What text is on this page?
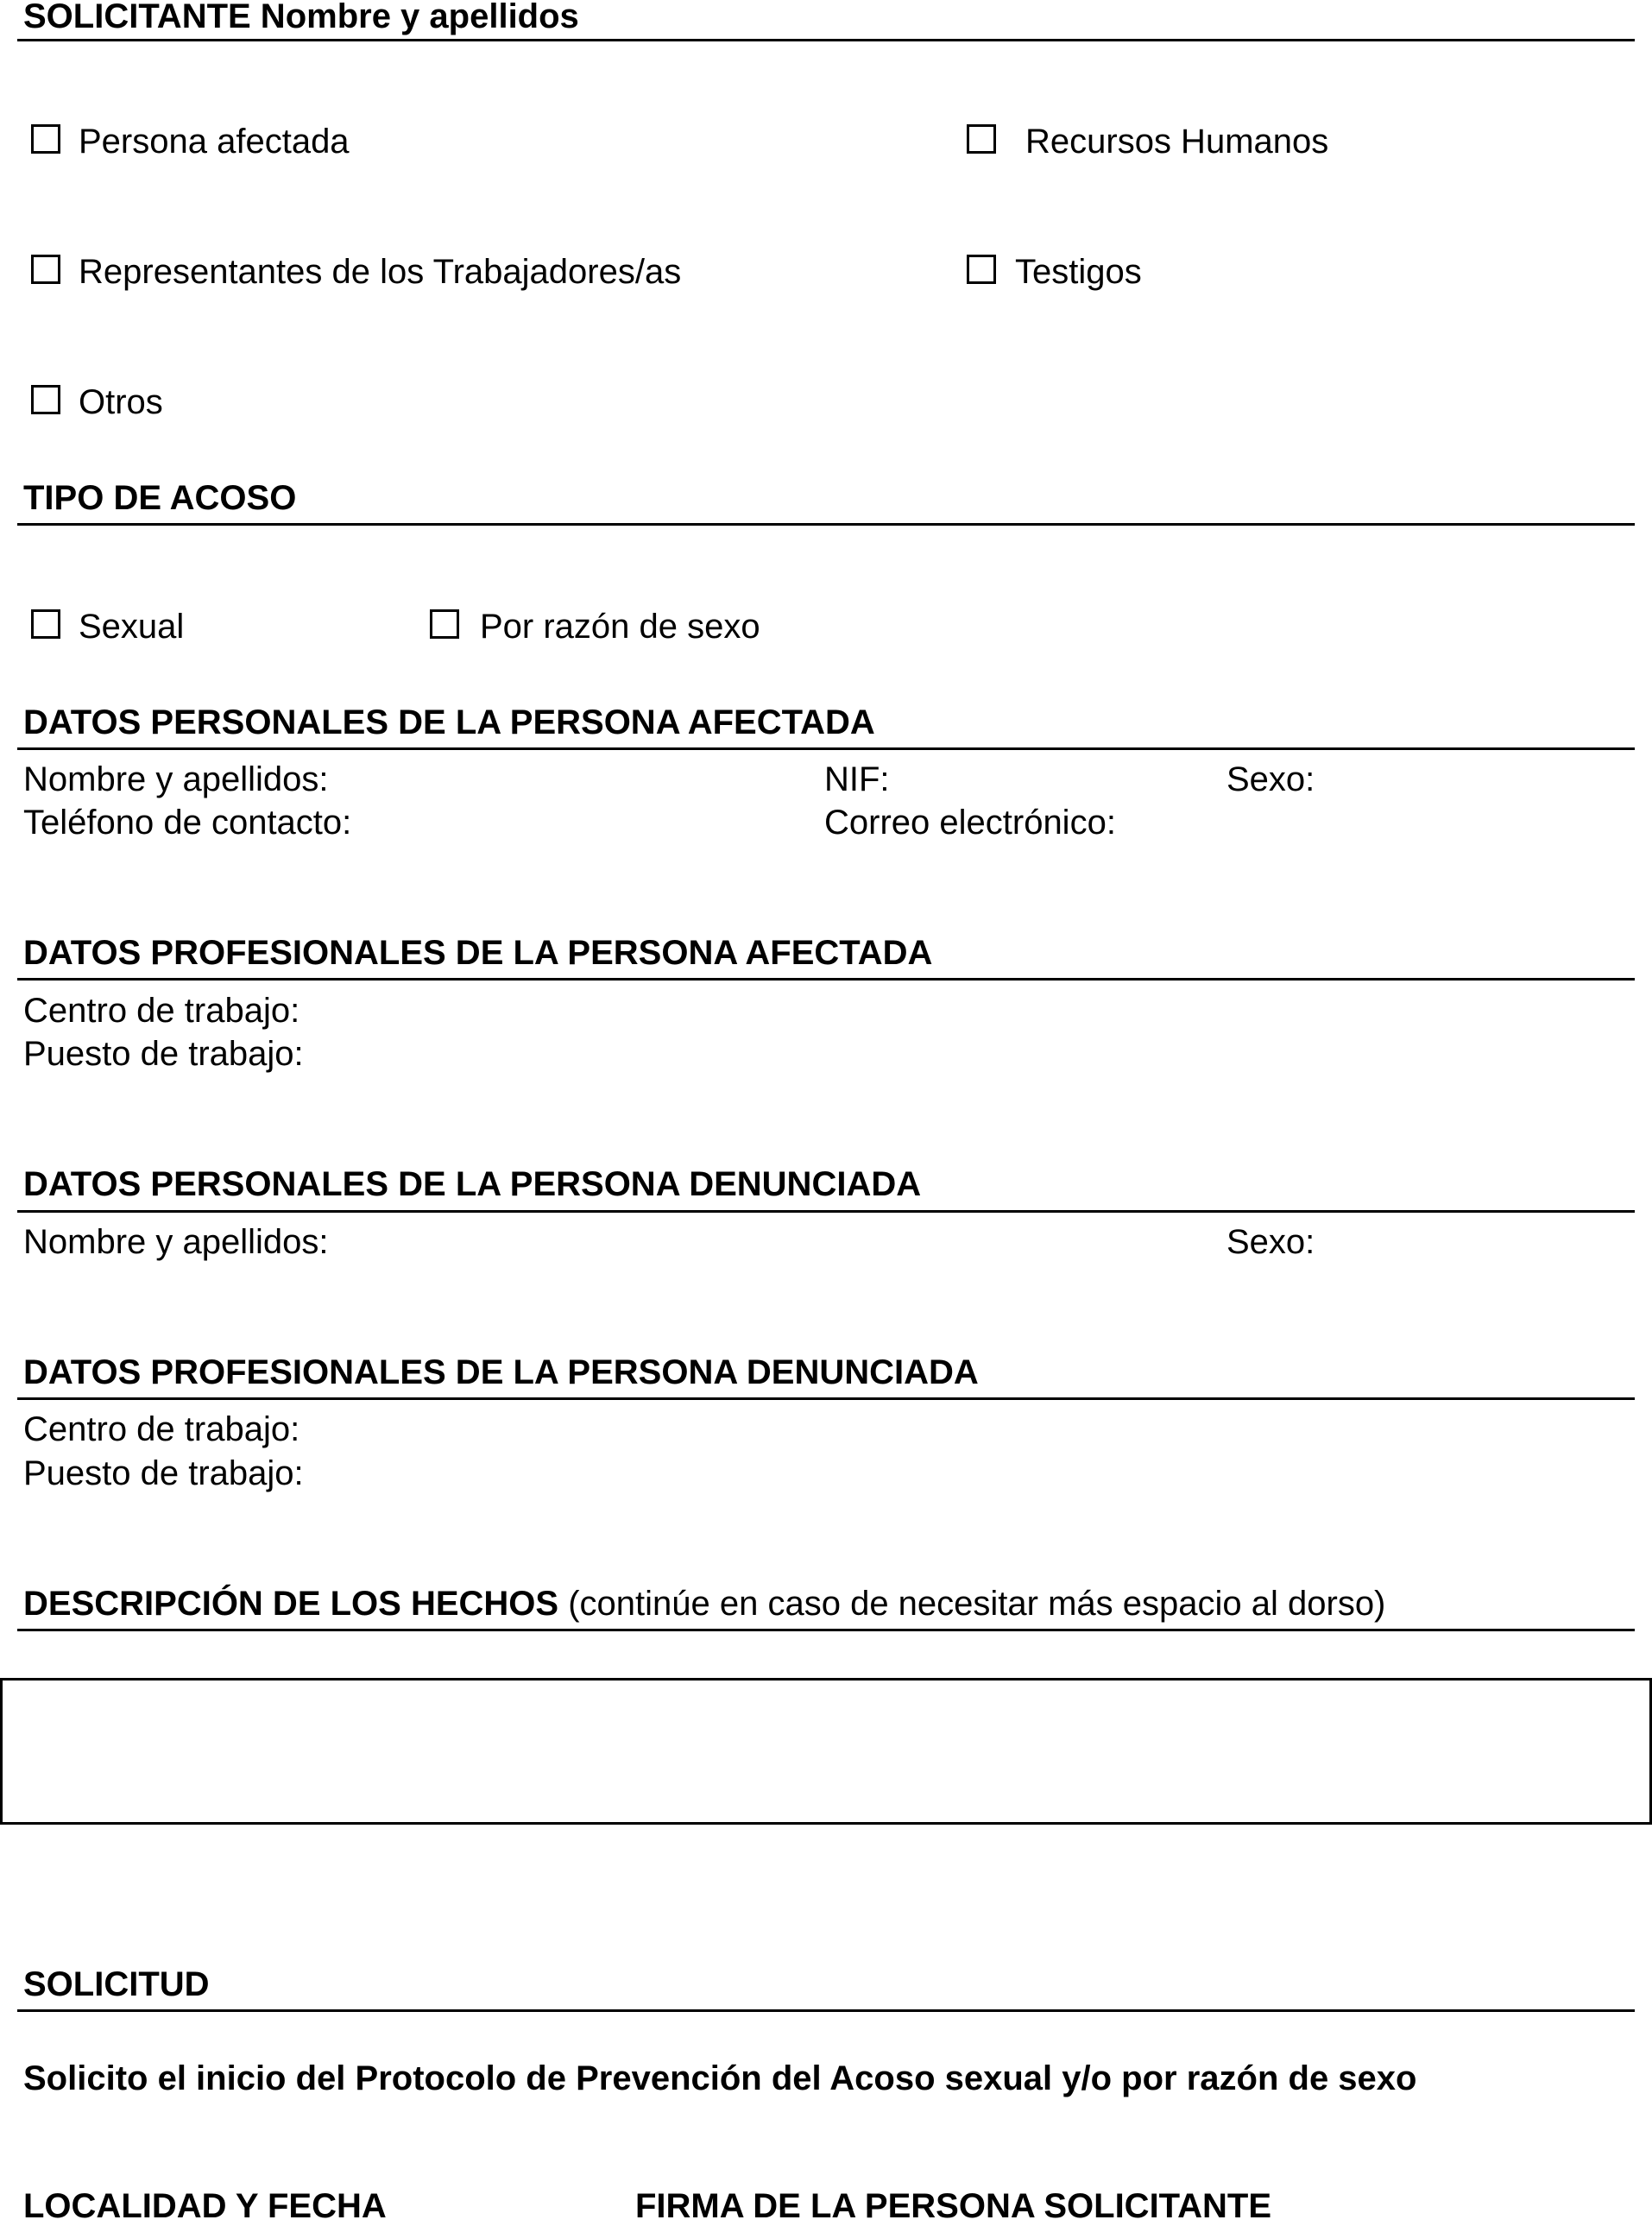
SOLICITANTE Nombre y apellidos
Persona afectada	Recursos Humanos
Representantes de los Trabajadores/as	Testigos
Otros
TIPO DE ACOSO
Sexual	Por razón de sexo
DATOS PERSONALES DE LA PERSONA AFECTADA
Nombre y apellidos:	NIF:	Sexo:
Teléfono de contacto:	Correo electrónico:
DATOS PROFESIONALES DE LA PERSONA AFECTADA
Centro de trabajo:
Puesto de trabajo:
DATOS PERSONALES DE LA PERSONA DENUNCIADA
Nombre y apellidos:	Sexo:
DATOS PROFESIONALES DE LA PERSONA DENUNCIADA
Centro de trabajo:
Puesto de trabajo:
DESCRIPCIÓN DE LOS HECHOS (continúe en caso de necesitar más espacio al dorso)
SOLICITUD
Solicito el inicio del Protocolo de Prevención del Acoso sexual y/o por razón de sexo
LOCALIDAD Y FECHA	FIRMA DE LA PERSONA SOLICITANTE
